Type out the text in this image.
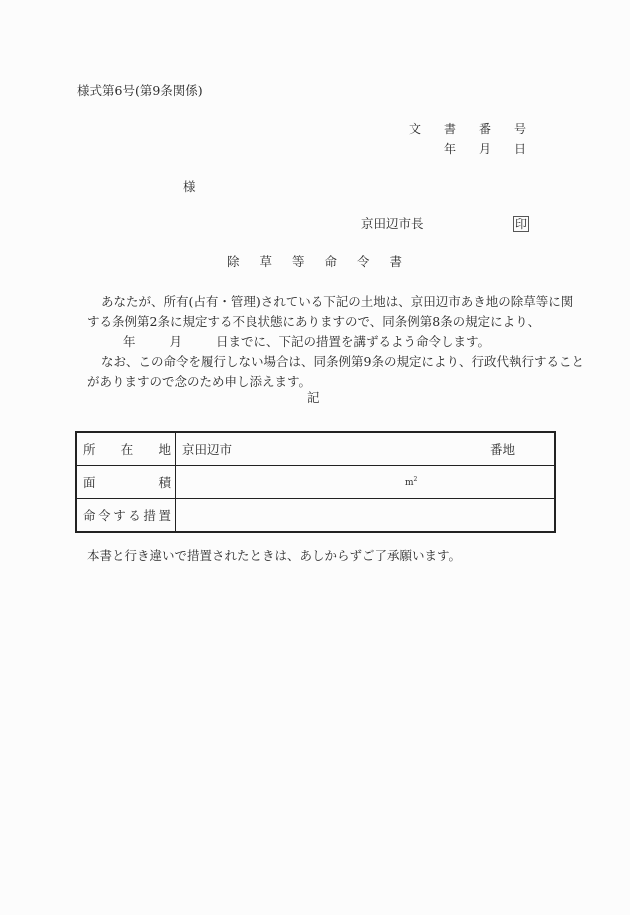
様式第6号(第9条関係)
文	書	番	号
年	月	日
様
京田辺市長	印
除	草	等	命	令	書
あなたが、所有(占有・管理)されている下記の土地は、京田辺市あき地の除草等に関
する条例第2条に規定する不良状態にありますので、同条例第8条の規定により、
年	月	日までに、下記の措置を講ずるよう命令します。
なお、この命令を履行しない場合は、同条例第9条の規定により、行政代執行すること
がありますので念のため申し添えます。
記
所 在 地	京田辺市 番地

面 積	$m^2$

命 令 す る 措 置

本書と行き違いで措置されたときは、あしからずご了承願います。
